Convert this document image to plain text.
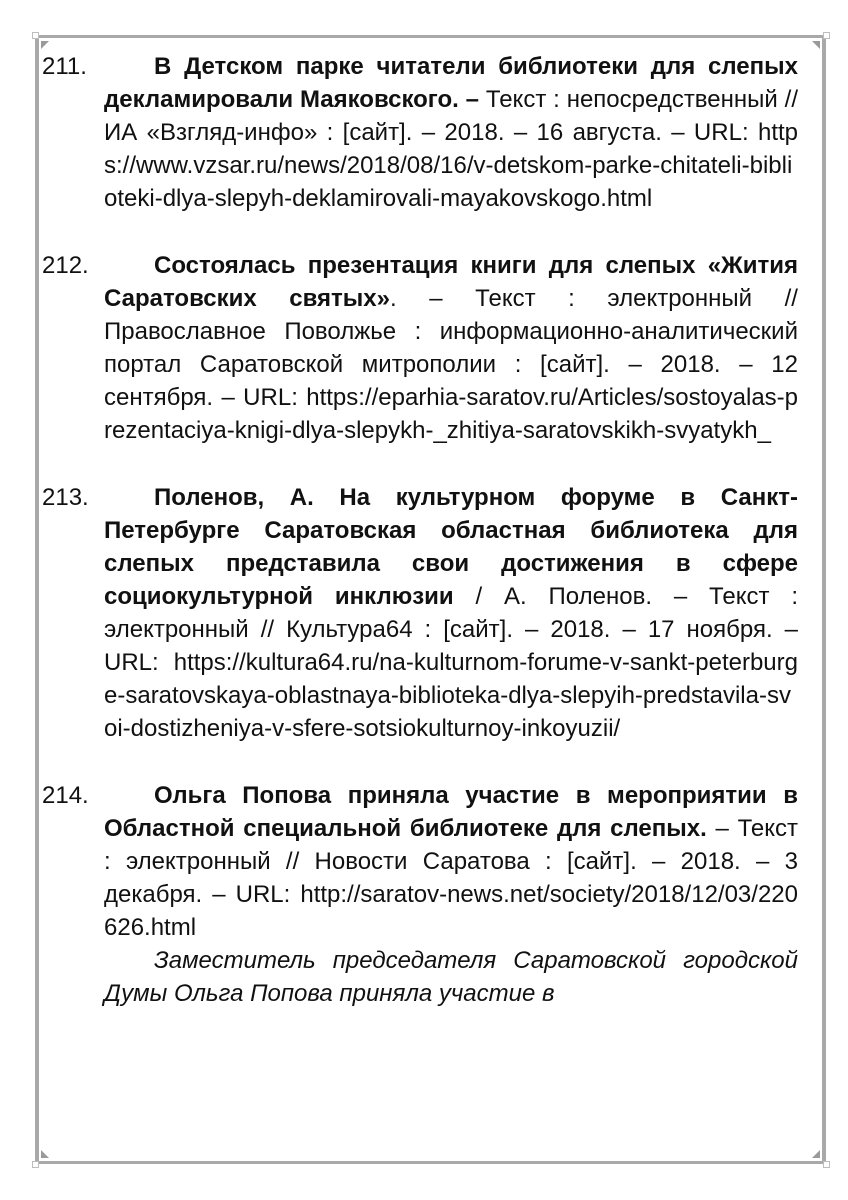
211.	В Детском парке читатели библиотеки для слепых декламировали Маяковского. – Текст : непосредственный // ИА «Взгляд-инфо» : [сайт]. – 2018. – 16 августа. – URL: https://www.vzsar.ru/news/2018/08/16/v-detskom-parke-chitateli-biblioteki-dlya-slepyh-deklamirovali-mayakovskogo.html
212.	Состоялась презентация книги для слепых «Жития Саратовских святых». – Текст : электронный // Православное Поволжье : информационно-аналитический портал Саратовской митрополии : [сайт]. – 2018. – 12 сентября. – URL: https://eparhia-saratov.ru/Articles/sostoyalas-prezentaciya-knigi-dlya-slepykh-_zhitiya-saratovskikh-svyatykh_
213.	Поленов, А. На культурном форуме в Санкт-Петербурге Саратовская областная библиотека для слепых представила свои достижения в сфере социокультурной инклюзии / А. Поленов. – Текст : электронный // Культура64 : [сайт]. – 2018. – 17 ноября. – URL: https://kultura64.ru/na-kulturnom-forume-v-sankt-peterburge-saratovskaya-oblastnaya-biblioteka-dlya-slepyih-predstavila-svoi-dostizheniya-v-sfere-sotsiokulturnoy-inkoyuzii/
214.	Ольга Попова приняла участие в мероприятии в Областной специальной библиотеке для слепых. – Текст : электронный // Новости Саратова : [сайт]. – 2018. – 3 декабря. – URL: http://saratov-news.net/society/2018/12/03/220626.html
Заместитель председателя Саратовской городской Думы Ольга Попова приняла участие в
